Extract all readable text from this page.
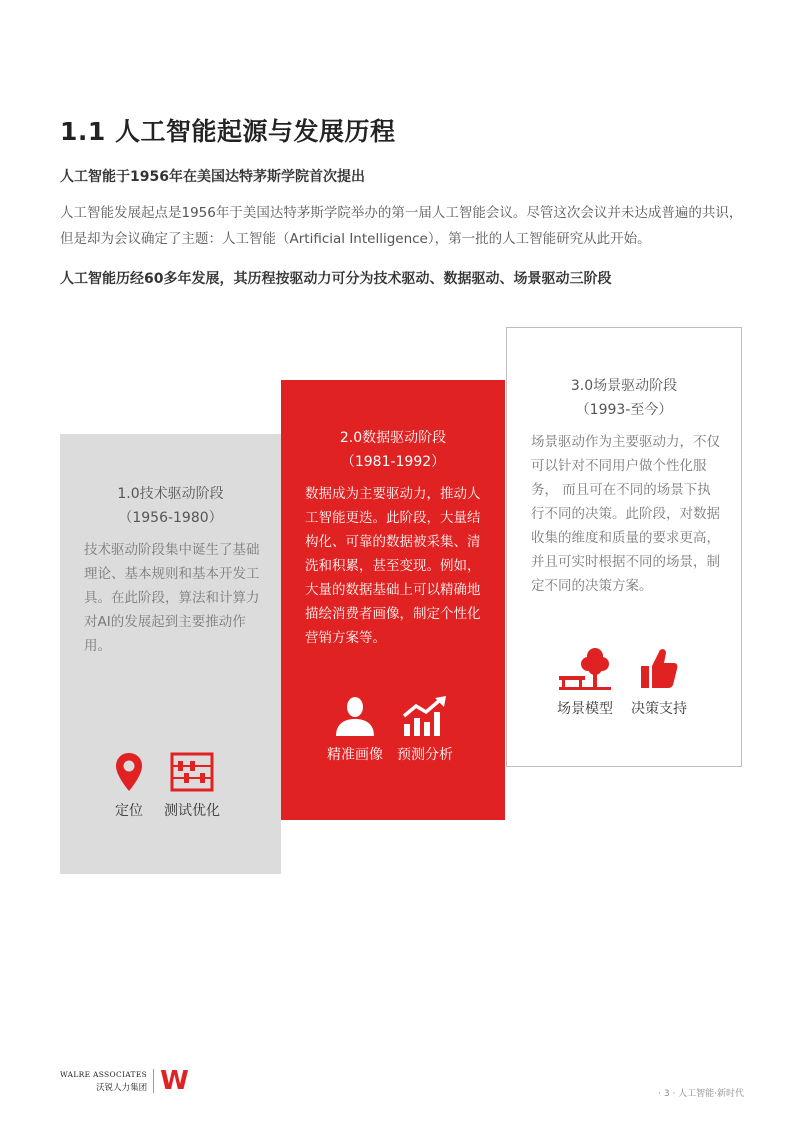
1.1 人工智能起源与发展历程
人工智能于1956年在美国达特茅斯学院首次提出

人工智能发展起点是1956年于美国达特茅斯学院举办的第一届人工智能会议。尽管这次会议并未达成普遍的共识，但是却为会议确定了主题：人工智能（Artificial Intelligence），第一批的人工智能研究从此开始。

人工智能历经60多年发展，其历程按驱动力可分为技术驱动、数据驱动、场景驱动三阶段
1.0技术驱动阶段
（1956-1980）

技术驱动阶段集中诞生了基础理论、基本规则和基本开发工具。在此阶段，算法和计算力对AI的发展起到主要推动作用。

定位 测试优化
2.0数据驱动阶段
（1981-1992）

数据成为主要驱动力，推动人工智能更迭。此阶段，大量结构化、可靠的数据被采集、清洗和积累，甚至变现。例如，大量的数据基础上可以精确地描绘消费者画像，制定个性化营销方案等。

精准画像 预测分析
3.0场景驱动阶段
（1993-至今）

场景驱动作为主要驱动力，不仅可以针对不同用户做个性化服务， 而且可在不同的场景下执行不同的决策。此阶段，对数据收集的维度和质量的要求更高，并且可实时根据不同的场景，制定不同的决策方案。

场景模型 决策支持
WALRE ASSOCIATES
沃锐人力集团 W	· 3 · 人工智能·新时代
